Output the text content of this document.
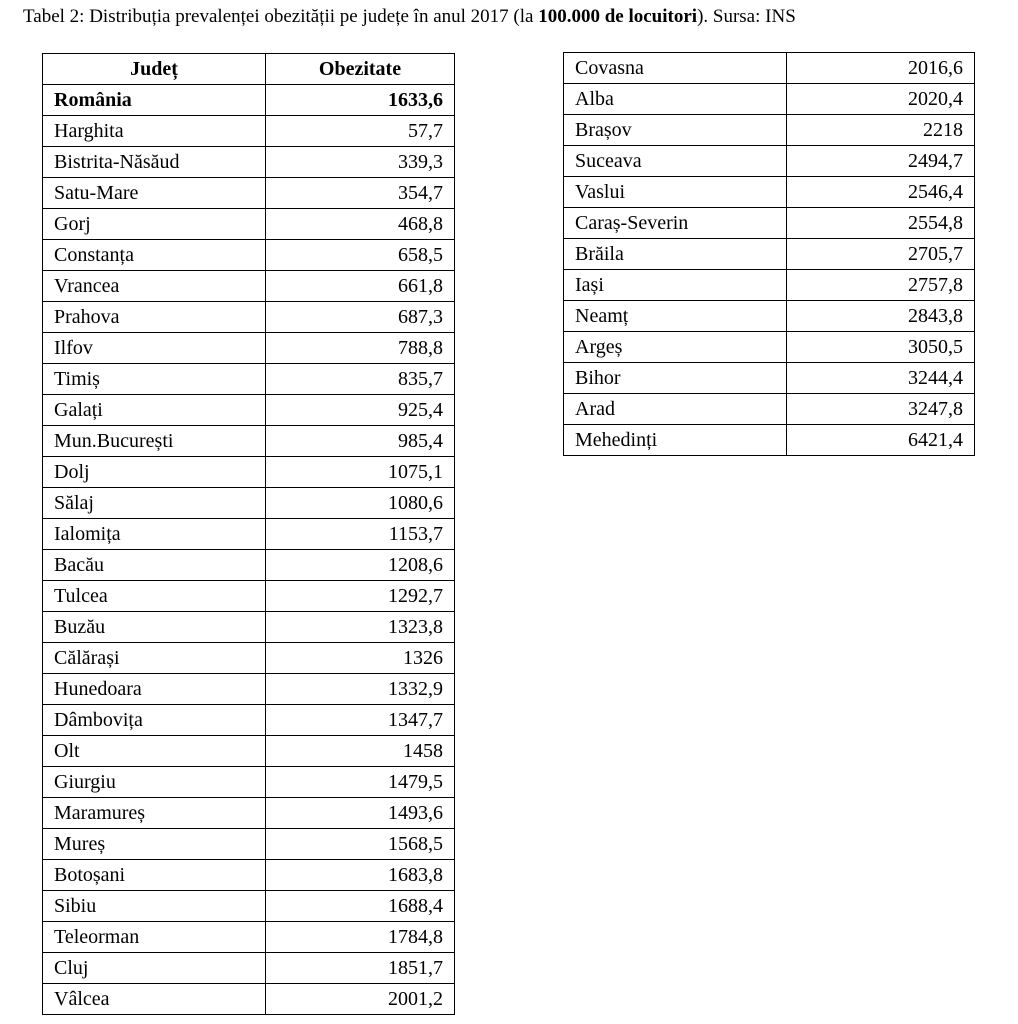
Tabel 2: Distribuția prevalenței obezității pe județe în anul 2017 (la 100.000 de locuitori). Sursa: INS
Județ	Obezitate
România	1633,6
Harghita	57,7
Bistrita-Năsăud	339,3
Satu-Mare	354,7
Gorj	468,8
Constanța	658,5
Vrancea	661,8
Prahova	687,3
Ilfov	788,8
Timiș	835,7
Galați	925,4
Mun.București	985,4
Dolj	1075,1
Sălaj	1080,6
Ialomița	1153,7
Bacău	1208,6
Tulcea	1292,7
Buzău	1323,8
Călărași	1326
Hunedoara	1332,9
Dâmbovița	1347,7
Olt	1458
Giurgiu	1479,5
Maramureș	1493,6
Mureș	1568,5
Botoșani	1683,8
Sibiu	1688,4
Teleorman	1784,8
Cluj	1851,7
Vâlcea	2001,2
Covasna	2016,6
Alba	2020,4
Brașov	2218
Suceava	2494,7
Vaslui	2546,4
Caraș-Severin	2554,8
Brăila	2705,7
Iași	2757,8
Neamț	2843,8
Argeș	3050,5
Bihor	3244,4
Arad	3247,8
Mehedinți	6421,4
